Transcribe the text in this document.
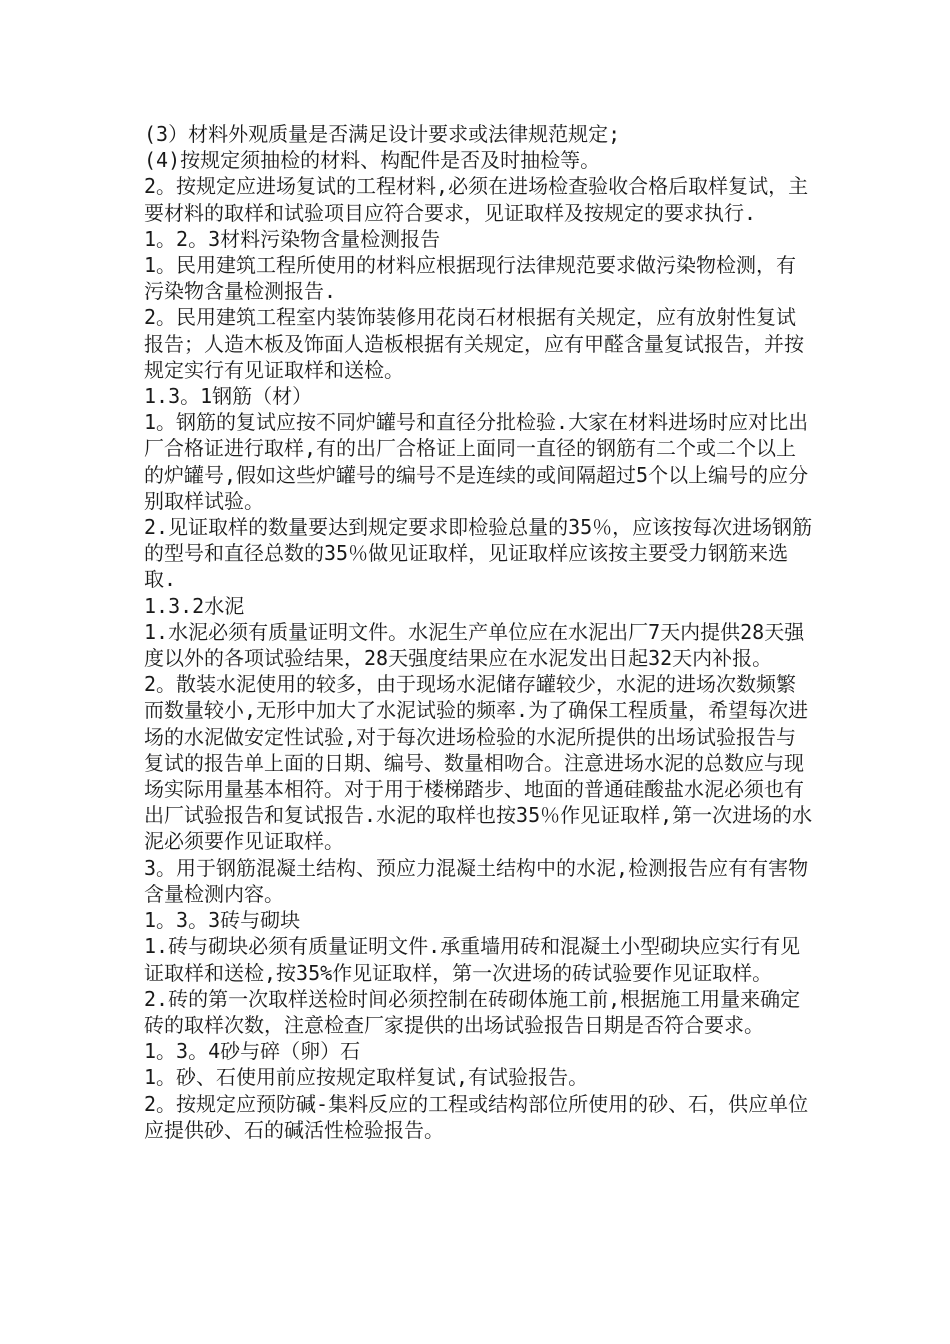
(3）材料外观质量是否满足设计要求或法律规范规定;

(4)按规定须抽检的材料、构配件是否及时抽检等。

2。按规定应进场复试的工程材料,必须在进场检查验收合格后取样复试，主要材料的取样和试验项目应符合要求，见证取样及按规定的要求执行.

1。2。3材料污染物含量检测报告

1。民用建筑工程所使用的材料应根据现行法律规范要求做污染物检测，有污染物含量检测报告.

2。民用建筑工程室内装饰装修用花岗石材根据有关规定，应有放射性复试报告；人造木板及饰面人造板根据有关规定，应有甲醛含量复试报告，并按规定实行有见证取样和送检。

1.3。1钢筋（材）

1。钢筋的复试应按不同炉罐号和直径分批检验.大家在材料进场时应对比出厂合格证进行取样,有的出厂合格证上面同一直径的钢筋有二个或二个以上的炉罐号,假如这些炉罐号的编号不是连续的或间隔超过5个以上编号的应分别取样试验。

2.见证取样的数量要达到规定要求即检验总量的35％，应该按每次进场钢筋的型号和直径总数的35％做见证取样，见证取样应该按主要受力钢筋来选取.

1.3.2水泥

1.水泥必须有质量证明文件。水泥生产单位应在水泥出厂7天内提供28天强度以外的各项试验结果，28天强度结果应在水泥发出日起32天内补报。

2。散装水泥使用的较多，由于现场水泥储存罐较少，水泥的进场次数频繁而数量较小,无形中加大了水泥试验的频率.为了确保工程质量，希望每次进场的水泥做安定性试验,对于每次进场检验的水泥所提供的出场试验报告与复试的报告单上面的日期、编号、数量相吻合。注意进场水泥的总数应与现场实际用量基本相符。对于用于楼梯踏步、地面的普通硅酸盐水泥必须也有出厂试验报告和复试报告.水泥的取样也按35％作见证取样,第一次进场的水泥必须要作见证取样。

3。用于钢筋混凝土结构、预应力混凝土结构中的水泥,检测报告应有有害物含量检测内容。

1。3。3砖与砌块

1.砖与砌块必须有质量证明文件.承重墙用砖和混凝土小型砌块应实行有见证取样和送检,按35%作见证取样，第一次进场的砖试验要作见证取样。

2.砖的第一次取样送检时间必须控制在砖砌体施工前,根据施工用量来确定砖的取样次数，注意检查厂家提供的出场试验报告日期是否符合要求。

1。3。4砂与碎（卵）石

1。砂、石使用前应按规定取样复试,有试验报告。

2。按规定应预防碱-集料反应的工程或结构部位所使用的砂、石，供应单位应提供砂、石的碱活性检验报告。
